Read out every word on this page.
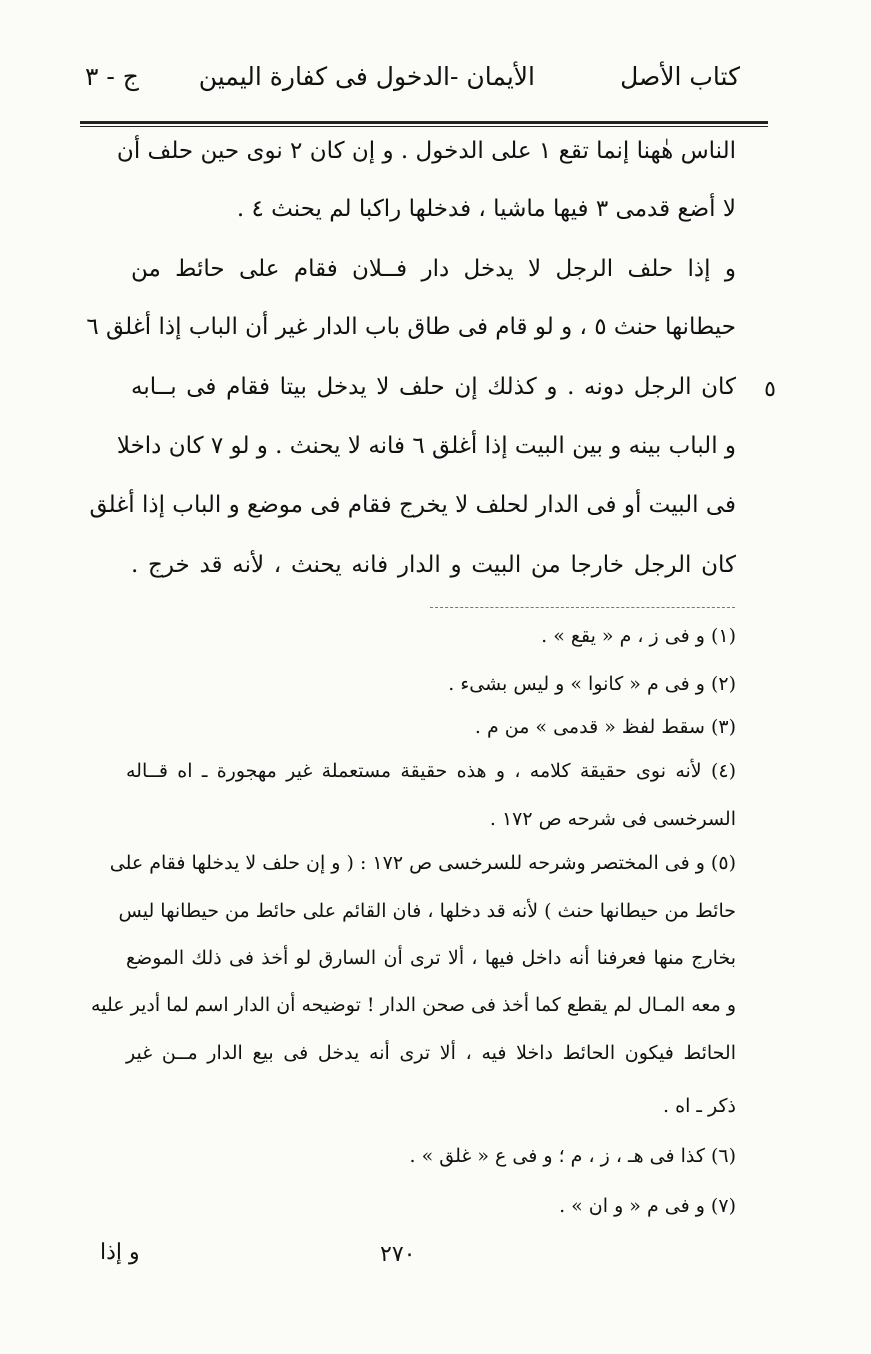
كتاب الأصل
الأيمان -الدخول فى كفارة اليمين
ج - ٣
الناس هٰهنا إنما تقع ١ على الدخول . و إن كان ٢ نوى حين حلف أن
لا أضع قدمى ٣ فيها ماشيا ، فدخلها راكبا لم يحنث ٤ .
و إذا حلف الرجل لا يدخل دار فــلان فقام على حائط من
حيطانها حنث ٥ ، و لو قام فى طاق باب الدار غير أن الباب إذا أغلق ٦
كان الرجل دونه . و كذلك إن حلف لا يدخل بيتا فقام فى بــابه
و الباب بينه و بين البيت إذا أغلق ٦ فانه لا يحنث . و لو ٧ كان داخلا
فى البيت أو فى الدار لحلف لا يخرج فقام فى موضع و الباب إذا أغلق
كان الرجل خارجا من البيت و الدار فانه يحنث ، لأنه قد خرج .
٥
(١) و فى ز ، م « يقع » .
(٢) و فى م « كانوا » و ليس بشىء .
(٣) سقط لفظ « قدمى » من م .
(٤) لأنه نوى حقيقة كلامه ، و هذه حقيقة مستعملة غير مهجورة ـ اه قــاله
السرخسى فى شرحه ص ١٧٢ .
(٥) و فى المختصر وشرحه للسرخسى ص ١٧٢ : ( و إن حلف لا يدخلها فقام على
حائط من حيطانها حنث ) لأنه قد دخلها ، فان القائم على حائط من حيطانها ليس
بخارج منها فعرفنا أنه داخل فيها ، ألا ترى أن السارق لو أخذ فى ذلك الموضع
و معه المـال لم يقطع كما أخذ فى صحن الدار ! توضيحه أن الدار اسم لما أدير عليه
الحائط فيكون الحائط داخلا فيه ، ألا ترى أنه يدخل فى بيع الدار مــن غير
ذكر ـ اه .
(٦) كذا فى هـ ، ز ، م ؛ و فى ع « غلق » .
(٧) و فى م « و ان » .
٢٧٠
و إذا
